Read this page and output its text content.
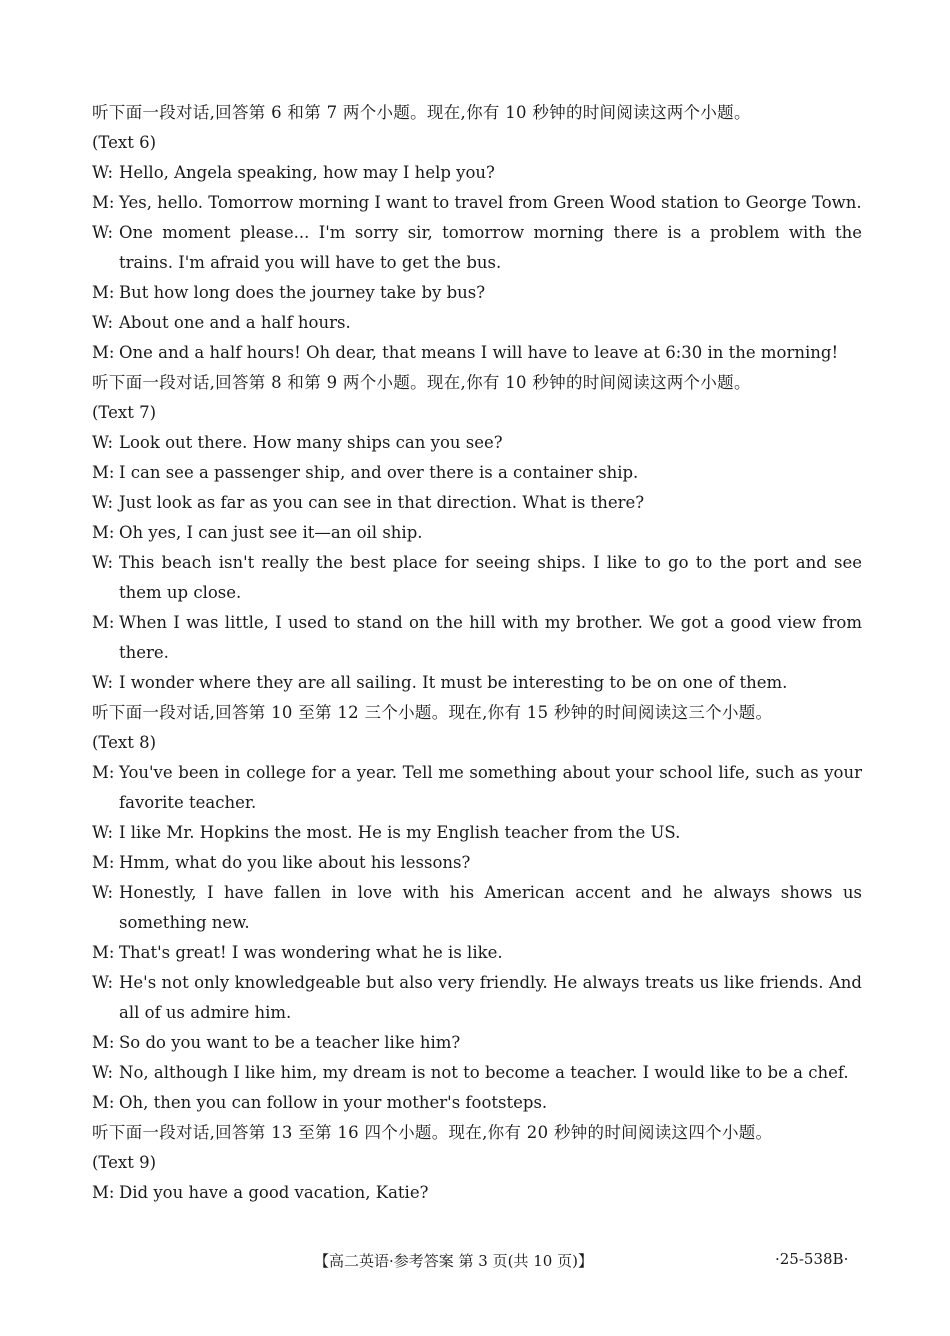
听下面一段对话,回答第 6 和第 7 两个小题。现在,你有 10 秒钟的时间阅读这两个小题。
(Text 6)
W: Hello, Angela speaking, how may I help you?
M: Yes, hello. Tomorrow morning I want to travel from Green Wood station to George Town.
W: One moment please... I'm sorry sir, tomorrow morning there is a problem with the trains. I'm afraid you will have to get the bus.
M: But how long does the journey take by bus?
W: About one and a half hours.
M: One and a half hours! Oh dear, that means I will have to leave at 6:30 in the morning!
听下面一段对话,回答第 8 和第 9 两个小题。现在,你有 10 秒钟的时间阅读这两个小题。
(Text 7)
W: Look out there. How many ships can you see?
M: I can see a passenger ship, and over there is a container ship.
W: Just look as far as you can see in that direction. What is there?
M: Oh yes, I can just see it—an oil ship.
W: This beach isn't really the best place for seeing ships. I like to go to the port and see them up close.
M: When I was little, I used to stand on the hill with my brother. We got a good view from there.
W: I wonder where they are all sailing. It must be interesting to be on one of them.
听下面一段对话,回答第 10 至第 12 三个小题。现在,你有 15 秒钟的时间阅读这三个小题。
(Text 8)
M: You've been in college for a year. Tell me something about your school life, such as your favorite teacher.
W: I like Mr. Hopkins the most. He is my English teacher from the US.
M: Hmm, what do you like about his lessons?
W: Honestly, I have fallen in love with his American accent and he always shows us something new.
M: That's great! I was wondering what he is like.
W: He's not only knowledgeable but also very friendly. He always treats us like friends. And all of us admire him.
M: So do you want to be a teacher like him?
W: No, although I like him, my dream is not to become a teacher. I would like to be a chef.
M: Oh, then you can follow in your mother's footsteps.
听下面一段对话,回答第 13 至第 16 四个小题。现在,你有 20 秒钟的时间阅读这四个小题。
(Text 9)
M: Did you have a good vacation, Katie?
【高二英语·参考答案 第 3 页(共 10 页)】	·25-538B·
